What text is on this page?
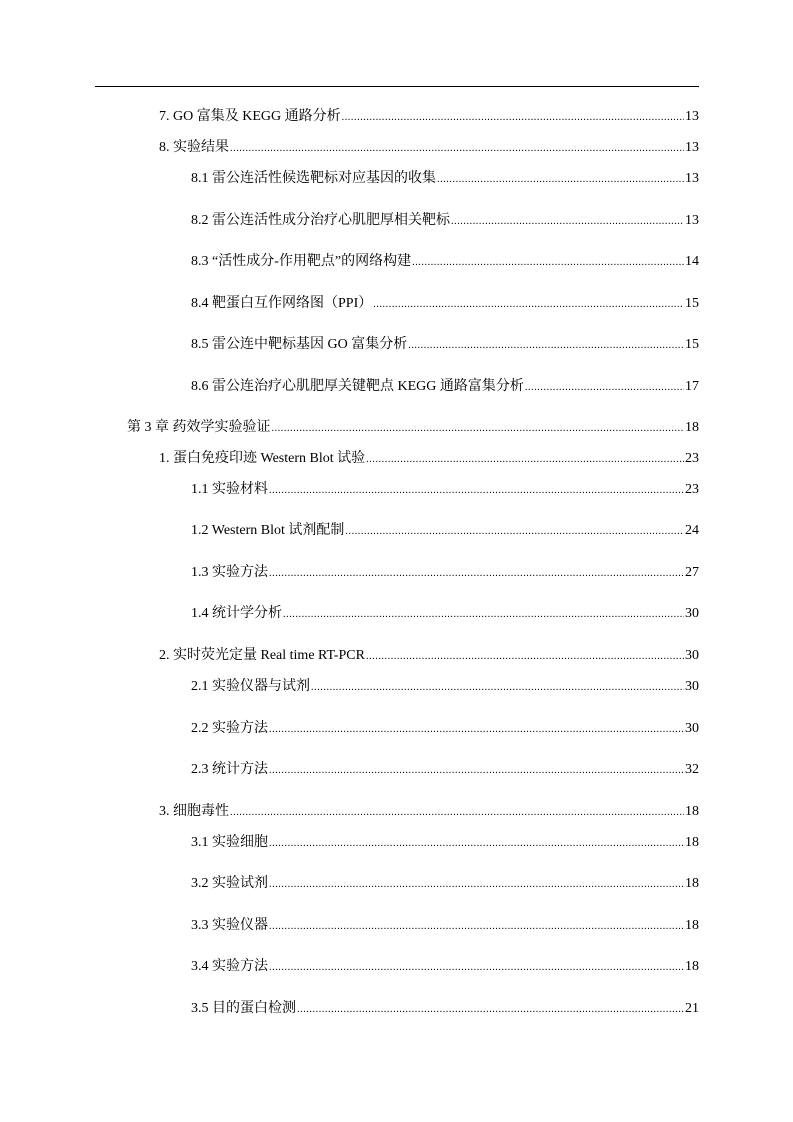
7. GO 富集及 KEGG 通路分析 .....	13
8. 实验结果 .....	13
8.1 雷公连活性候选靶标对应基因的收集 .....	13
8.2 雷公连活性成分治疗心肌肥厚相关靶标 .....	13
8.3 “活性成分-作用靶点”的网络构建 .....	14
8.4 靶蛋白互作网络图（PPI） .....	15
8.5 雷公连中靶标基因 GO 富集分析 .....	15
8.6 雷公连治疗心肌肥厚关键靶点 KEGG 通路富集分析 .....	17
第 3 章 药效学实验验证 .....	18
1. 蛋白免疫印迹 Western Blot 试验 .....	23
1.1 实验材料 .....	23
1.2 Western Blot 试剂配制 .....	24
1.3 实验方法 .....	27
1.4 统计学分析 .....	30
2. 实时荧光定量 Real time RT-PCR .....	30
2.1 实验仪器与试剂 .....	30
2.2 实验方法 .....	30
2.3 统计方法 .....	32
3. 细胞毒性 .....	18
3.1 实验细胞 .....	18
3.2 实验试剂 .....	18
3.3 实验仪器 .....	18
3.4 实验方法 .....	18
3.5 目的蛋白检测 .....	21
